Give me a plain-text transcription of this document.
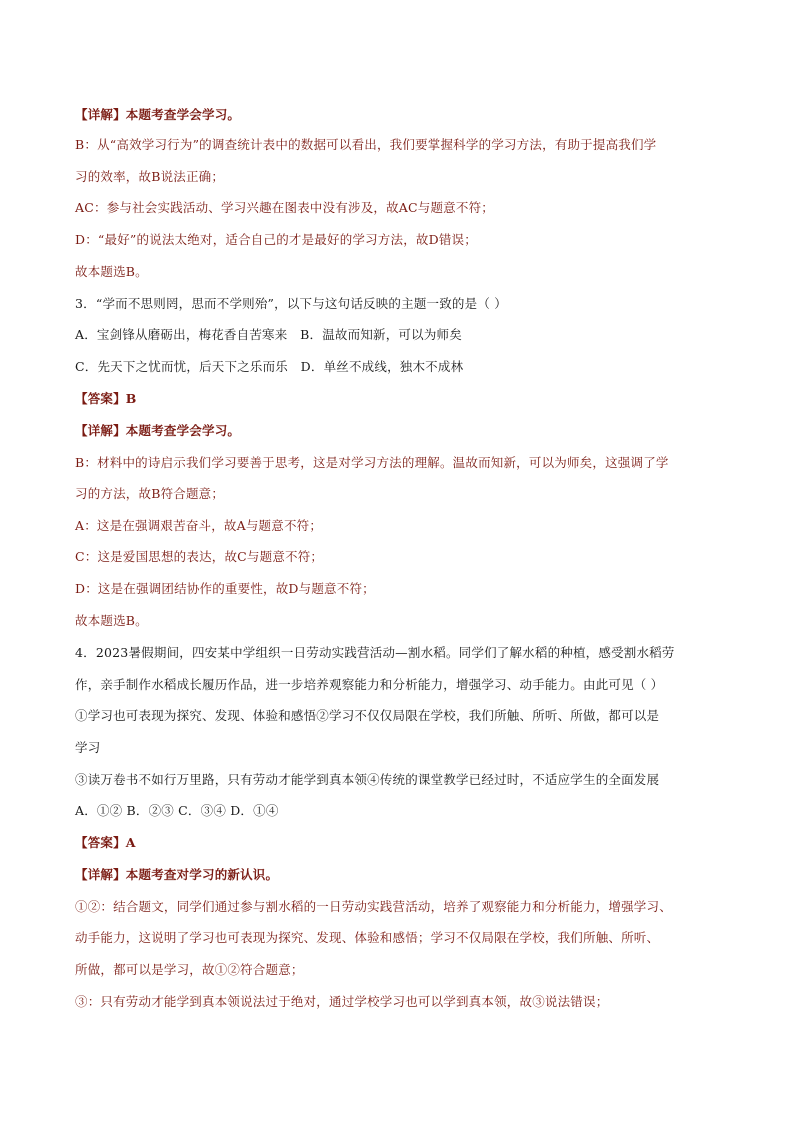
【详解】本题考查学会学习。
B：从“高效学习行为”的调查统计表中的数据可以看出，我们要掌握科学的学习方法，有助于提高我们学
习的效率，故B说法正确；
AC：参与社会实践活动、学习兴趣在图表中没有涉及，故AC与题意不符；
D：“最好”的说法太绝对，适合自己的才是最好的学习方法，故D错误；
故本题选B。
3．“学而不思则罔，思而不学则殆”，以下与这句话反映的主题一致的是（ ）
A．宝剑锋从磨砺出，梅花香自苦寒来　B．温故而知新，可以为师矣
C．先天下之忧而忧，后天下之乐而乐　D．单丝不成线，独木不成林
【答案】B
【详解】本题考查学会学习。
B：材料中的诗启示我们学习要善于思考，这是对学习方法的理解。温故而知新，可以为师矣，这强调了学
习的方法，故B符合题意；
A：这是在强调艰苦奋斗，故A与题意不符；
C：这是爱国思想的表达，故C与题意不符；
D：这是在强调团结协作的重要性，故D与题意不符；
故本题选B。
4．2023暑假期间，四安某中学组织一日劳动实践营活动—割水稻。同学们了解水稻的种植，感受割水稻劳
作，亲手制作水稻成长履历作品，进一步培养观察能力和分析能力，增强学习、动手能力。由此可见（ ）
①学习也可表现为探究、发现、体验和感悟②学习不仅仅局限在学校，我们所触、所听、所做，都可以是
学习
③读万卷书不如行万里路，只有劳动才能学到真本领④传统的课堂教学已经过时，不适应学生的全面发展
A．①② B．②③ C．③④ D．①④
【答案】A
【详解】本题考查对学习的新认识。
①②：结合题文，同学们通过参与割水稻的一日劳动实践营活动，培养了观察能力和分析能力，增强学习、
动手能力，这说明了学习也可表现为探究、发现、体验和感悟；学习不仅局限在学校，我们所触、所听、
所做，都可以是学习，故①②符合题意；
③：只有劳动才能学到真本领说法过于绝对，通过学校学习也可以学到真本领，故③说法错误；
